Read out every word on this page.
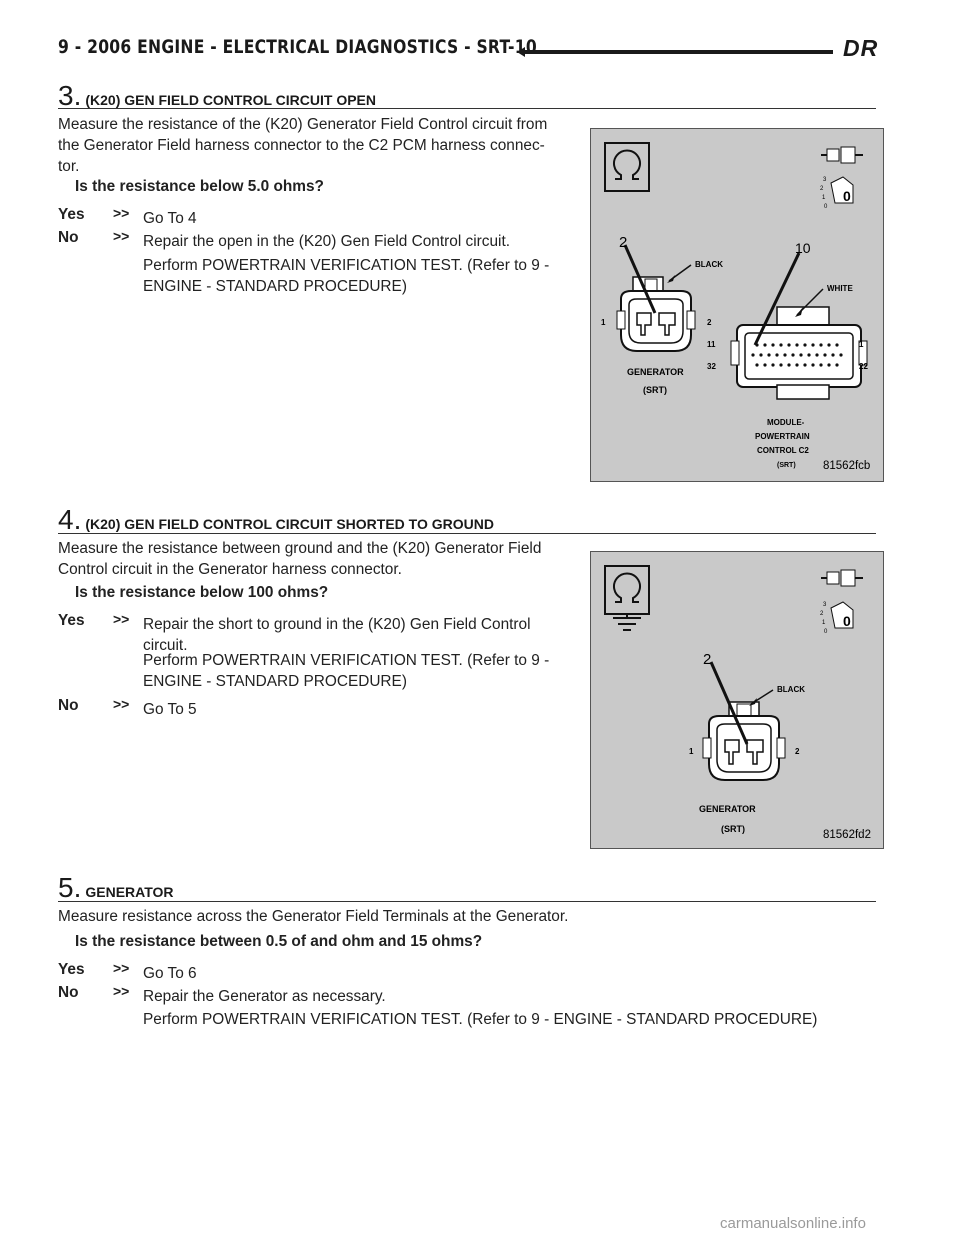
9 - 2006 ENGINE - ELECTRICAL DIAGNOSTICS - SRT-10	DR
3. (K20) GEN FIELD CONTROL CIRCUIT OPEN
Measure the resistance of the (K20) Generator Field Control circuit from the Generator Field harness connector to the C2 PCM harness connec- tor.
Is the resistance below 5.0 ohms?
Yes >> Go To 4
No >> Repair the open in the (K20) Gen Field Control circuit.
Perform POWERTRAIN VERIFICATION TEST. (Refer to 9 - ENGINE - STANDARD PROCEDURE)
0
3
2
1
0
2	10
BLACK
WHITE
1	2
11
32
1
22
GENERATOR
(SRT)
MODULE-
POWERTRAIN
CONTROL C2
(SRT) 81562fcb
4. (K20) GEN FIELD CONTROL CIRCUIT SHORTED TO GROUND
Measure the resistance between ground and the (K20) Generator Field Control circuit in the Generator harness connector.
Is the resistance below 100 ohms?
Yes >> Repair the short to ground in the (K20) Gen Field Control circuit.
Perform POWERTRAIN VERIFICATION TEST. (Refer to 9 - ENGINE - STANDARD PROCEDURE)
No >> Go To 5
0
3
2
1
0
2
BLACK
1	2
GENERATOR
(SRT)	81562fd2
5. GENERATOR
Measure resistance across the Generator Field Terminals at the Generator.
Is the resistance between 0.5 of and ohm and 15 ohms?
Yes >> Go To 6
No >> Repair the Generator as necessary.
Perform POWERTRAIN VERIFICATION TEST. (Refer to 9 - ENGINE - STANDARD PROCEDURE)
carmanualsonline.info
